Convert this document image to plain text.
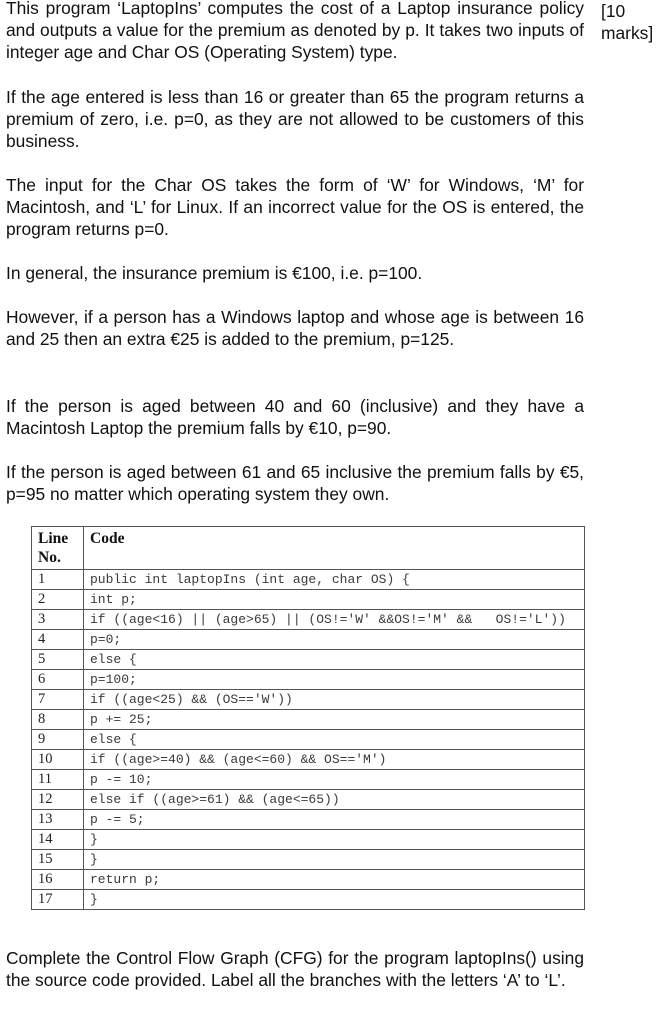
This program ‘LaptopIns’ computes the cost of a Laptop insurance policy and outputs a value for the premium as denoted by p. It takes two inputs of integer age and Char OS (Operating System) type.

[10
marks]

If the age entered is less than 16 or greater than 65 the program returns a premium of zero, i.e. p=0, as they are not allowed to be customers of this business.

The input for the Char OS takes the form of ‘W’ for Windows, ‘M’ for Macintosh, and ‘L’ for Linux. If an incorrect value for the OS is entered, the program returns p=0.

In general, the insurance premium is €100, i.e. p=100.

However, if a person has a Windows laptop and whose age is between 16 and 25 then an extra €25 is added to the premium, p=125.

If the person is aged between 40 and 60 (inclusive) and they have a Macintosh Laptop the premium falls by €10, p=90.

If the person is aged between 61 and 65 inclusive the premium falls by €5, p=95 no matter which operating system they own.

Line No.	Code
1	public int laptopIns (int age, char OS) {
2	int p;
3	if ((age<16) || (age>65) || (OS!='W' &&OS!='M' &&   OS!='L'))
4	p=0;
5	else {
6	p=100;
7	if ((age<25) && (OS=='W'))
8	p += 25;
9	else {
10	if ((age>=40) && (age<=60) && OS=='M')
11	p -= 10;
12	else if ((age>=61) && (age<=65))
13	p -= 5;
14	}
15	}
16	return p;
17	}

Complete the Control Flow Graph (CFG) for the program laptopIns() using the source code provided. Label all the branches with the letters ‘A’ to ‘L’.
